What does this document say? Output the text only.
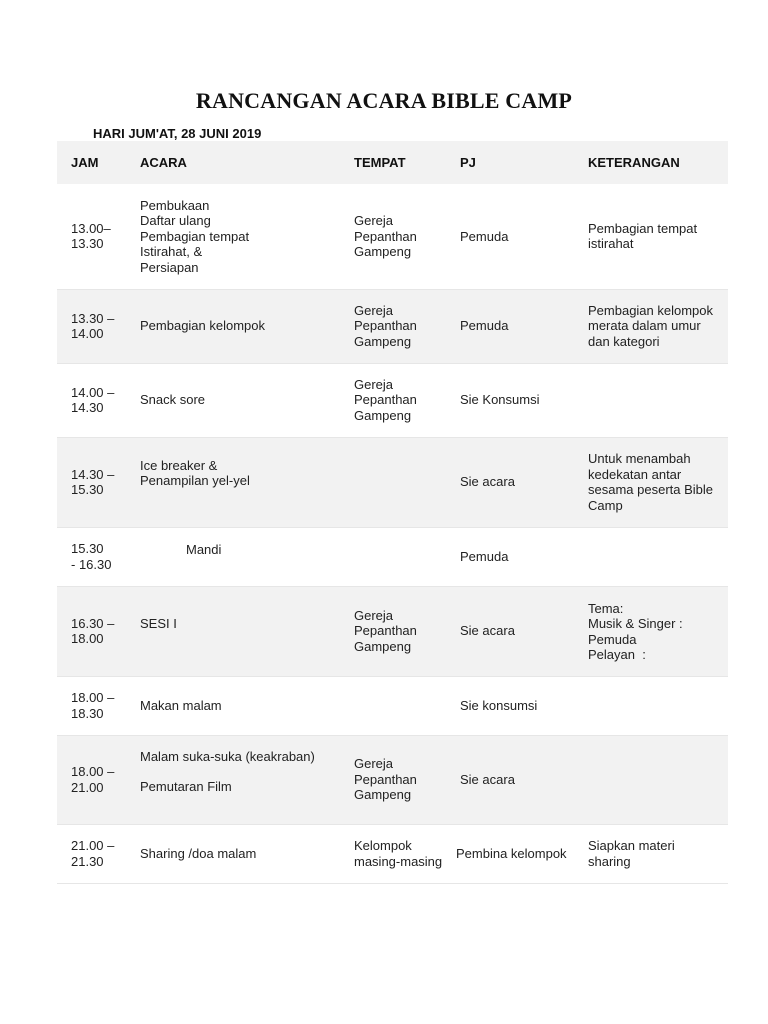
RANCANGAN ACARA BIBLE CAMP
HARI JUM'AT, 28 JUNI 2019
JAM	ACARA	TEMPAT	PJ	KETERANGAN

13.00–
13.30	Pembukaan
Daftar ulang
Pembagian tempat
Istirahat, &
Persiapan	Gereja
Pepanthan
Gampeng	Pemuda	Pembagian tempat
istirahat

13.30 –
14.00	Pembagian kelompok	Gereja
Pepanthan
Gampeng	Pemuda	Pembagian kelompok
merata dalam umur
dan kategori

14.00 –
14.30	Snack sore	Gereja
Pepanthan
Gampeng	Sie Konsumsi	

14.30 –
15.30	Ice breaker &
Penampilan yel-yel		Sie acara	Untuk menambah
kedekatan antar
sesama peserta Bible
Camp

15.30
- 16.30	Mandi		Pemuda	

16.30 –
18.00	SESI I	Gereja
Pepanthan
Gampeng	Sie acara	Tema:
Musik & Singer :
Pemuda
Pelayan  :

18.00 –
18.30	Makan malam		Sie konsumsi	

18.00 –
21.00	Malam suka-suka (keakraban)
Pemutaran Film	Gereja
Pepanthan
Gampeng	Sie acara	

21.00 –
21.30	Sharing /doa malam	Kelompok
masing-masing	Pembina kelompok	Siapkan materi
sharing
